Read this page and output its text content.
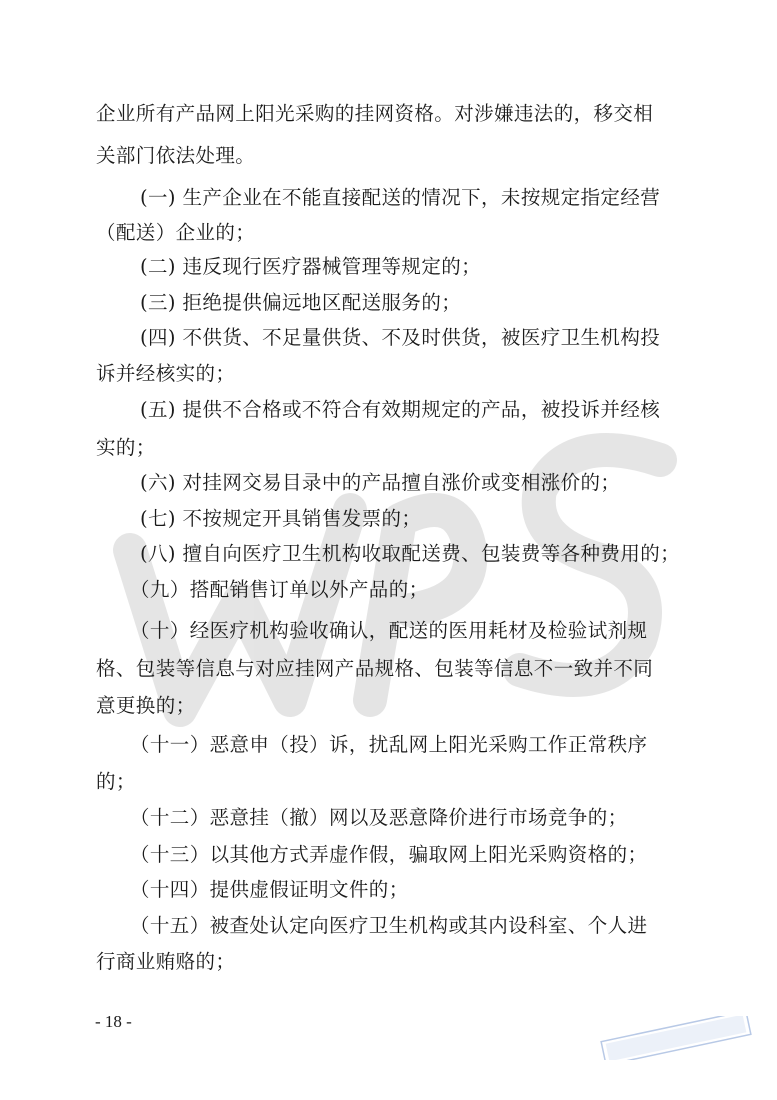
企业所有产品网上阳光采购的挂网资格。对涉嫌违法的，移交相
关部门依法处理。
(一) 生产企业在不能直接配送的情况下，未按规定指定经营
（配送）企业的；
(二) 违反现行医疗器械管理等规定的；
(三) 拒绝提供偏远地区配送服务的；
(四) 不供货、不足量供货、不及时供货，被医疗卫生机构投
诉并经核实的；
(五) 提供不合格或不符合有效期规定的产品，被投诉并经核
实的；
(六) 对挂网交易目录中的产品擅自涨价或变相涨价的；
(七) 不按规定开具销售发票的；
(八) 擅自向医疗卫生机构收取配送费、包装费等各种费用的；
（九）搭配销售订单以外产品的；
（十）经医疗机构验收确认，配送的医用耗材及检验试剂规
格、包装等信息与对应挂网产品规格、包装等信息不一致并不同
意更换的；
（十一）恶意申（投）诉，扰乱网上阳光采购工作正常秩序
的；
（十二）恶意挂（撤）网以及恶意降价进行市场竞争的；
（十三）以其他方式弄虚作假，骗取网上阳光采购资格的；
（十四）提供虚假证明文件的；
（十五）被查处认定向医疗卫生机构或其内设科室、个人进
行商业贿赂的；
- 18 -
